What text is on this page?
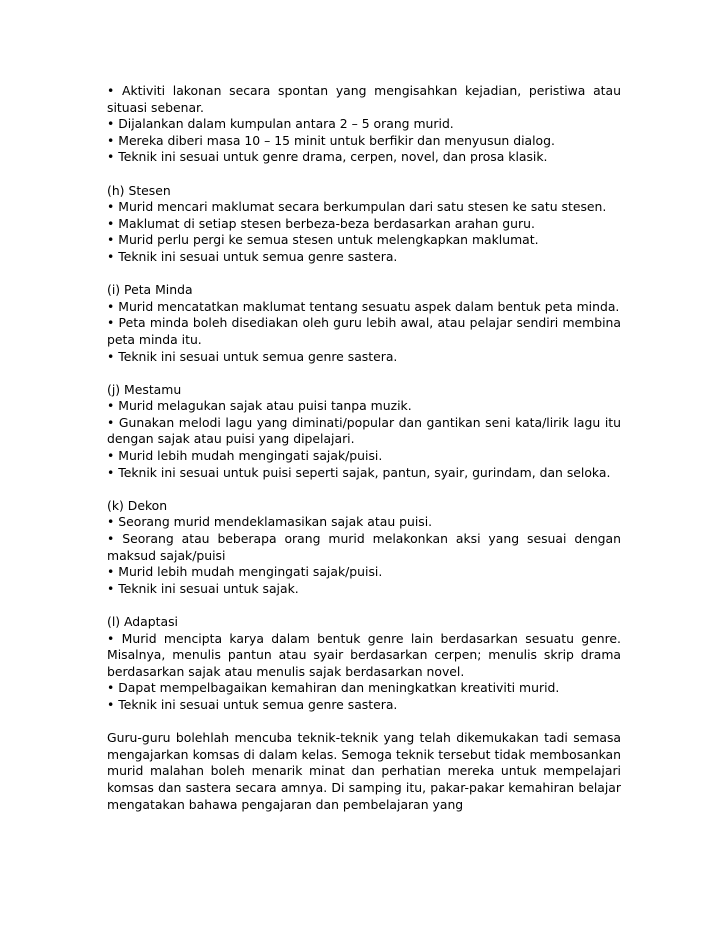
• Aktiviti lakonan secara spontan yang mengisahkan kejadian, peristiwa atau situasi sebenar.

• Dijalankan dalam kumpulan antara 2 – 5 orang murid.

• Mereka diberi masa 10 – 15 minit untuk berfikir dan menyusun dialog.

• Teknik ini sesuai untuk genre drama, cerpen, novel, dan prosa klasik.

(h) Stesen

• Murid mencari maklumat secara berkumpulan dari satu stesen ke satu stesen.

• Maklumat di setiap stesen berbeza-beza berdasarkan arahan guru.

• Murid perlu pergi ke semua stesen untuk melengkapkan maklumat.

• Teknik ini sesuai untuk semua genre sastera.

(i) Peta Minda

• Murid mencatatkan maklumat tentang sesuatu aspek dalam bentuk peta minda.

• Peta minda boleh disediakan oleh guru lebih awal, atau pelajar sendiri membina peta minda itu.

• Teknik ini sesuai untuk semua genre sastera.

(j) Mestamu

• Murid melagukan sajak atau puisi tanpa muzik.

• Gunakan melodi lagu yang diminati/popular dan gantikan seni kata/lirik lagu itu dengan sajak atau puisi yang dipelajari.

• Murid lebih mudah mengingati sajak/puisi.

• Teknik ini sesuai untuk puisi seperti sajak, pantun, syair, gurindam, dan seloka.

(k) Dekon

• Seorang murid mendeklamasikan sajak atau puisi.

• Seorang atau beberapa orang murid melakonkan aksi yang sesuai dengan maksud sajak/puisi

• Murid lebih mudah mengingati sajak/puisi.

• Teknik ini sesuai untuk sajak.

(l) Adaptasi

• Murid mencipta karya dalam bentuk genre lain berdasarkan sesuatu genre. Misalnya, menulis pantun atau syair berdasarkan cerpen; menulis skrip drama berdasarkan sajak atau menulis sajak berdasarkan novel.

• Dapat mempelbagaikan kemahiran dan meningkatkan kreativiti murid.

• Teknik ini sesuai untuk semua genre sastera.

Guru-guru bolehlah mencuba teknik-teknik yang telah dikemukakan tadi semasa mengajarkan komsas di dalam kelas. Semoga teknik tersebut tidak membosankan murid malahan boleh menarik minat dan perhatian mereka untuk mempelajari komsas dan sastera secara amnya. Di samping itu, pakar-pakar kemahiran belajar mengatakan bahawa pengajaran dan pembelajaran yang
